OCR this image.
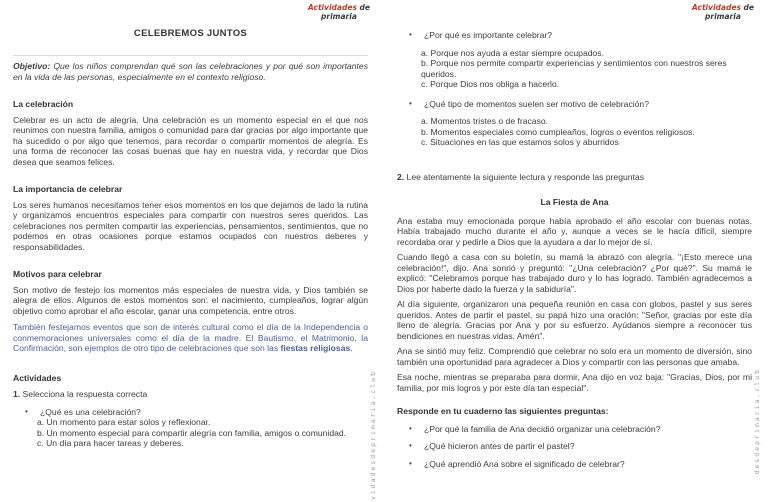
Actividades de
primaria
CELEBREMOS JUNTOS
Objetivo: Que los niños comprendan qué son las celebraciones y por qué son importantes en la vida de las personas, especialmente en el contexto religioso.
La celebración

Celebrar es un acto de alegría. Una celebración es un momento especial en el que nos reunimos con nuestra familia, amigos o comunidad para dar gracias por algo importante que ha sucedido o por algo que tenemos, para recordar o compartir momentos de alegría. Es una forma de reconocer las cosas buenas que hay en nuestra vida, y recordar que Dios desea que seamos felices.

La importancia de celebrar

Los seres humanos necesitamos tener esos momentos en los que dejamos de lado la rutina y organizamos encuentros especiales para compartir con nuestros seres queridos. Las celebraciones nos permiten compartir las experiencias, pensamientos, sentimientos, que no podemos en otras ocasiones porque estamos ocupados con nuestros deberes y responsabilidades.

Motivos para celebrar

Son motivo de festejo los momentos más especiales de nuestra vida, y Dios también se alegra de ellos. Algunos de estos momentos son: el nacimiento, cumpleaños, lograr algún objetivo como aprobar el año escolar, ganar una competencia, entre otros.

También festejamos eventos que son de interés cultural como el día de la Independencia o conmemoraciones universales como el día de la madre. El Bautismo, el Matrimonio, la Confirmación, son ejemplos de otro tipo de celebraciones que son las fiestas religiosas.

Actividades

1. Selecciona la respuesta correcta

•	¿Qué es una celebración?

a. Un momento para estar solos y reflexionar.

b. Un momento especial para compartir alegría con familia, amigos o comunidad.

c. Un día para hacer tareas y deberes.	vidadesdeprimaria.club
Actividades de
primaria
•	¿Por qué es importante celebrar?

a. Porque nos ayuda a estar siempre ocupados.

b. Porque nos permite compartir experiencias y sentimientos con nuestros seres queridos.

c. Porque Dios nos obliga a hacerlo.

•	¿Qué tipo de momentos suelen ser motivo de celebración?

a. Momentos tristes o de fracaso.

b. Momentos especiales como cumpleaños, logros o eventos religiosos.

c. Situaciones en las que estamos solos y aburridos

2. Lee atentamente la siguiente lectura y responde las preguntas

La Fiesta de Ana

Ana estaba muy emocionada porque había aprobado el año escolar con buenas notas. Había trabajado mucho durante el año y, aunque a veces se le hacía difícil, siempre recordaba orar y pedirle a Dios que la ayudara a dar lo mejor de sí.

Cuando llegó a casa con su boletín, su mamá la abrazó con alegría. "¡Esto merece una celebración!", dijo. Ana sonrió y preguntó: "¿Una celebración? ¿Por qué?". Su mamá le explicó: "Celebramos porque has trabajado duro y lo has logrado. También agradecemos a Dios por haberte dado la fuerza y la sabiduría".

Al día siguiente, organizaron una pequeña reunión en casa con globos, pastel y sus seres queridos. Antes de partir el pastel, su papá hizo una oración: "Señor, gracias por este día lleno de alegría. Gracias por Ana y por su esfuerzo. Ayúdanos siempre a reconocer tus bendiciones en nuestras vidas. Amén".

Ana se sintió muy feliz. Comprendió que celebrar no solo era un momento de diversión, sino también una oportunidad para agradecer a Dios y compartir con las personas que amaba.

Esa noche, mientras se preparaba para dormir, Ana dijo en voz baja: "Gracias, Dios, por mi familia, por mis logros y por este día tan especial".

Responde en tu cuaderno las siguientes preguntas:
•	¿Por qué la familia de Ana decidió organizar una celebración?
•	¿Qué hicieron antes de partir el pastel?
•	¿Qué aprendió Ana sobre el significado de celebrar?	desdeprimaria.club
